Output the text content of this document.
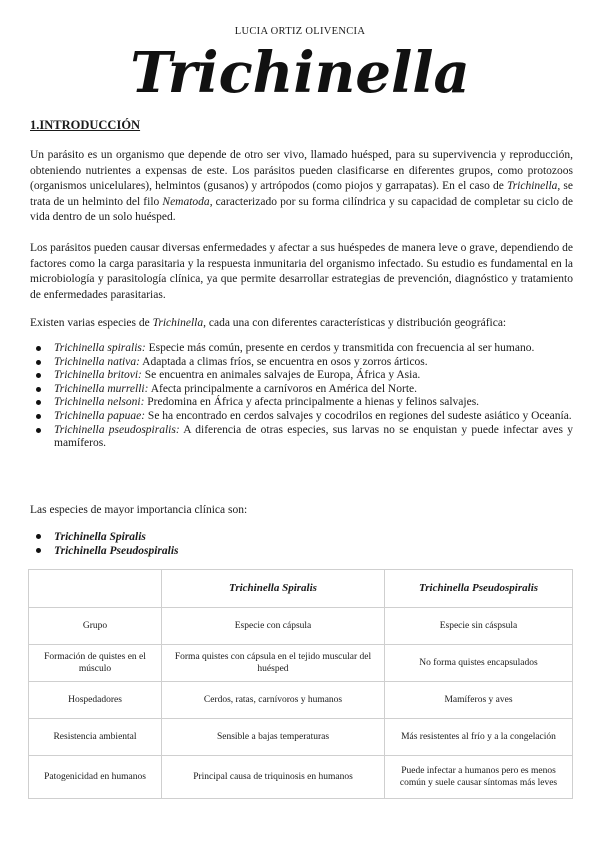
LUCIA ORTIZ OLIVENCIA
Trichinella
1.INTRODUCCIÓN

Un parásito es un organismo que depende de otro ser vivo, llamado huésped, para su supervivencia y reproducción, obteniendo nutrientes a expensas de este. Los parásitos pueden clasificarse en diferentes grupos, como protozoos (organismos unicelulares), helmintos (gusanos) y artrópodos (como piojos y garrapatas). En el caso de Trichinella, se trata de un helminto del filo Nematoda, caracterizado por su forma cilíndrica y su capacidad de completar su ciclo de vida dentro de un solo huésped.

Los parásitos pueden causar diversas enfermedades y afectar a sus huéspedes de manera leve o grave, dependiendo de factores como la carga parasitaria y la respuesta inmunitaria del organismo infectado. Su estudio es fundamental en la microbiología y parasitología clínica, ya que permite desarrollar estrategias de prevención, diagnóstico y tratamiento de enfermedades parasitarias.

Existen varias especies de Trichinella, cada una con diferentes características y distribución geográfica:

Trichinella spiralis: Especie más común, presente en cerdos y transmitida con frecuencia al ser humano.
Trichinella nativa: Adaptada a climas fríos, se encuentra en osos y zorros árticos.
Trichinella britovi: Se encuentra en animales salvajes de Europa, África y Asia.
Trichinella murrelli: Afecta principalmente a carnívoros en América del Norte.
Trichinella nelsoni: Predomina en África y afecta principalmente a hienas y felinos salvajes.
Trichinella papuae: Se ha encontrado en cerdos salvajes y cocodrilos en regiones del sudeste asiático y Oceanía.
Trichinella pseudospiralis: A diferencia de otras especies, sus larvas no se enquistan y puede infectar aves y mamíferos.

Las especies de mayor importancia clínica son:

Trichinella Spiralis
Trichinella Pseudospiralis
	Trichinella Spiralis	Trichinella Pseudospiralis
Grupo	Especie con cápsula	Especie sin cáspsula
Formación de quistes en el músculo	Forma quistes con cápsula en el tejido muscular del huésped	No forma quistes encapsulados
Hospedadores	Cerdos, ratas, carnívoros y humanos	Mamíferos y aves
Resistencia ambiental	Sensible a bajas temperaturas	Más resistentes al frío y a la congelación
Patogenicidad en humanos	Principal causa de triquinosis en humanos	Puede infectar a humanos pero es menos común y suele causar síntomas más leves
